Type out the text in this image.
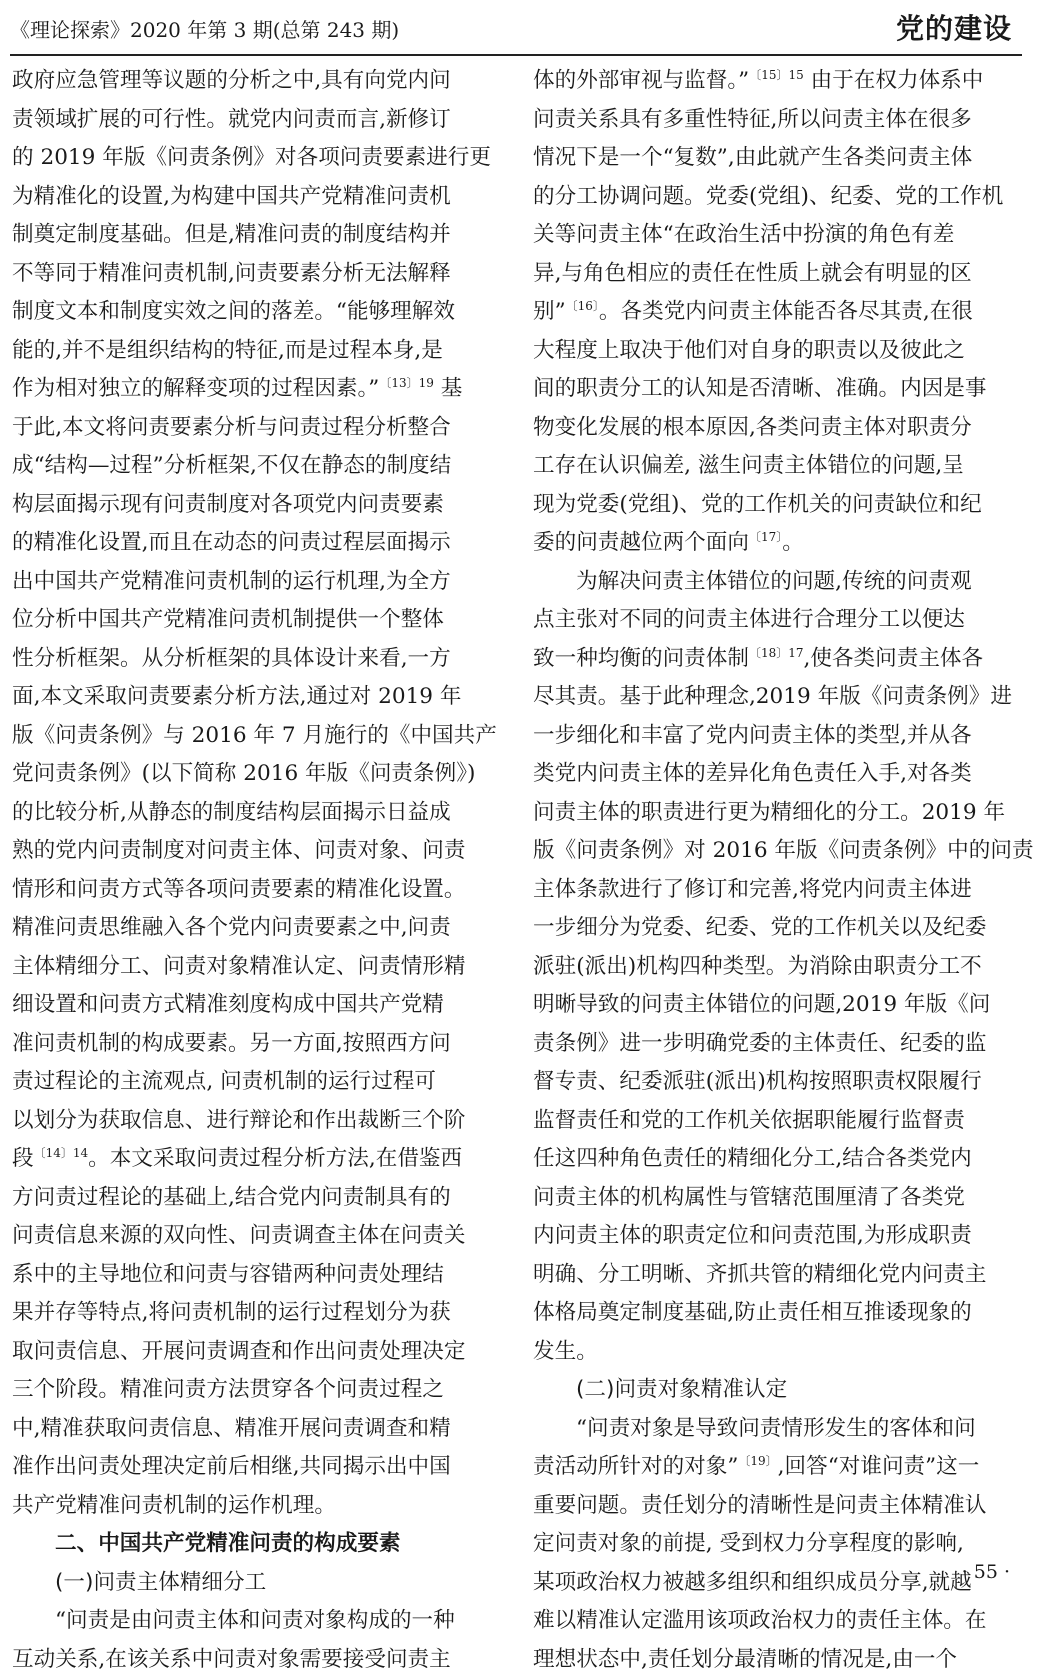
《理论探索》2020 年第 3 期(总第 243 期)	党的建设
政府应急管理等议题的分析之中,具有向党内问
责领域扩展的可行性。就党内问责而言,新修订
的 2019 年版《问责条例》对各项问责要素进行更
为精准化的设置,为构建中国共产党精准问责机
制奠定制度基础。但是,精准问责的制度结构并
不等同于精准问责机制,问责要素分析无法解释
制度文本和制度实效之间的落差。“能够理解效
能的,并不是组织结构的特征,而是过程本身,是
作为相对独立的解释变项的过程因素。”$^{〔13〕19}$ 基
于此,本文将问责要素分析与问责过程分析整合
成“结构—过程”分析框架,不仅在静态的制度结
构层面揭示现有问责制度对各项党内问责要素
的精准化设置,而且在动态的问责过程层面揭示
出中国共产党精准问责机制的运行机理,为全方
位分析中国共产党精准问责机制提供一个整体
性分析框架。从分析框架的具体设计来看,一方
面,本文采取问责要素分析方法,通过对 2019 年
版《问责条例》与 2016 年 7 月施行的《中国共产
党问责条例》(以下简称 2016 年版《问责条例》)
的比较分析,从静态的制度结构层面揭示日益成
熟的党内问责制度对问责主体、问责对象、问责
情形和问责方式等各项问责要素的精准化设置。
精准问责思维融入各个党内问责要素之中,问责
主体精细分工、问责对象精准认定、问责情形精
细设置和问责方式精准刻度构成中国共产党精
准问责机制的构成要素。另一方面,按照西方问
责过程论的主流观点, 问责机制的运行过程可
以划分为获取信息、进行辩论和作出裁断三个阶
段$^{〔14〕14}$。本文采取问责过程分析方法,在借鉴西
方问责过程论的基础上,结合党内问责制具有的
问责信息来源的双向性、问责调查主体在问责关
系中的主导地位和问责与容错两种问责处理结
果并存等特点,将问责机制的运行过程划分为获
取问责信息、开展问责调查和作出问责处理决定
三个阶段。精准问责方法贯穿各个问责过程之
中,精准获取问责信息、精准开展问责调查和精
准作出问责处理决定前后相继,共同揭示出中国
共产党精准问责机制的运作机理。
二、中国共产党精准问责的构成要素
(一)问责主体精细分工
“问责是由问责主体和问责对象构成的一种
互动关系,在该关系中问责对象需要接受问责主
体的外部审视与监督。”$^{〔15〕15}$ 由于在权力体系中
问责关系具有多重性特征,所以问责主体在很多
情况下是一个“复数”,由此就产生各类问责主体
的分工协调问题。党委(党组)、纪委、党的工作机
关等问责主体“在政治生活中扮演的角色有差
异,与角色相应的责任在性质上就会有明显的区
别”$^{〔16〕}$。各类党内问责主体能否各尽其责,在很
大程度上取决于他们对自身的职责以及彼此之
间的职责分工的认知是否清晰、准确。内因是事
物变化发展的根本原因,各类问责主体对职责分
工存在认识偏差, 滋生问责主体错位的问题,呈
现为党委(党组)、党的工作机关的问责缺位和纪
委的问责越位两个面向$^{〔17〕}$。
为解决问责主体错位的问题,传统的问责观
点主张对不同的问责主体进行合理分工以便达
致一种均衡的问责体制$^{〔18〕17}$,使各类问责主体各
尽其责。基于此种理念,2019 年版《问责条例》进
一步细化和丰富了党内问责主体的类型,并从各
类党内问责主体的差异化角色责任入手,对各类
问责主体的职责进行更为精细化的分工。2019 年
版《问责条例》对 2016 年版《问责条例》中的问责
主体条款进行了修订和完善,将党内问责主体进
一步细分为党委、纪委、党的工作机关以及纪委
派驻(派出)机构四种类型。为消除由职责分工不
明晰导致的问责主体错位的问题,2019 年版《问
责条例》进一步明确党委的主体责任、纪委的监
督专责、纪委派驻(派出)机构按照职责权限履行
监督责任和党的工作机关依据职能履行监督责
任这四种角色责任的精细化分工,结合各类党内
问责主体的机构属性与管辖范围厘清了各类党
内问责主体的职责定位和问责范围,为形成职责
明确、分工明晰、齐抓共管的精细化党内问责主
体格局奠定制度基础,防止责任相互推诿现象的
发生。
(二)问责对象精准认定
“问责对象是导致问责情形发生的客体和问
责活动所针对的对象”$^{〔19〕}$,回答“对谁问责”这一
重要问题。责任划分的清晰性是问责主体精准认
定问责对象的前提, 受到权力分享程度的影响,
某项政治权力被越多组织和组织成员分享,就越
难以精准认定滥用该项政治权力的责任主体。在
理想状态中,责任划分最清晰的情况是,由一个
· 55 ·
